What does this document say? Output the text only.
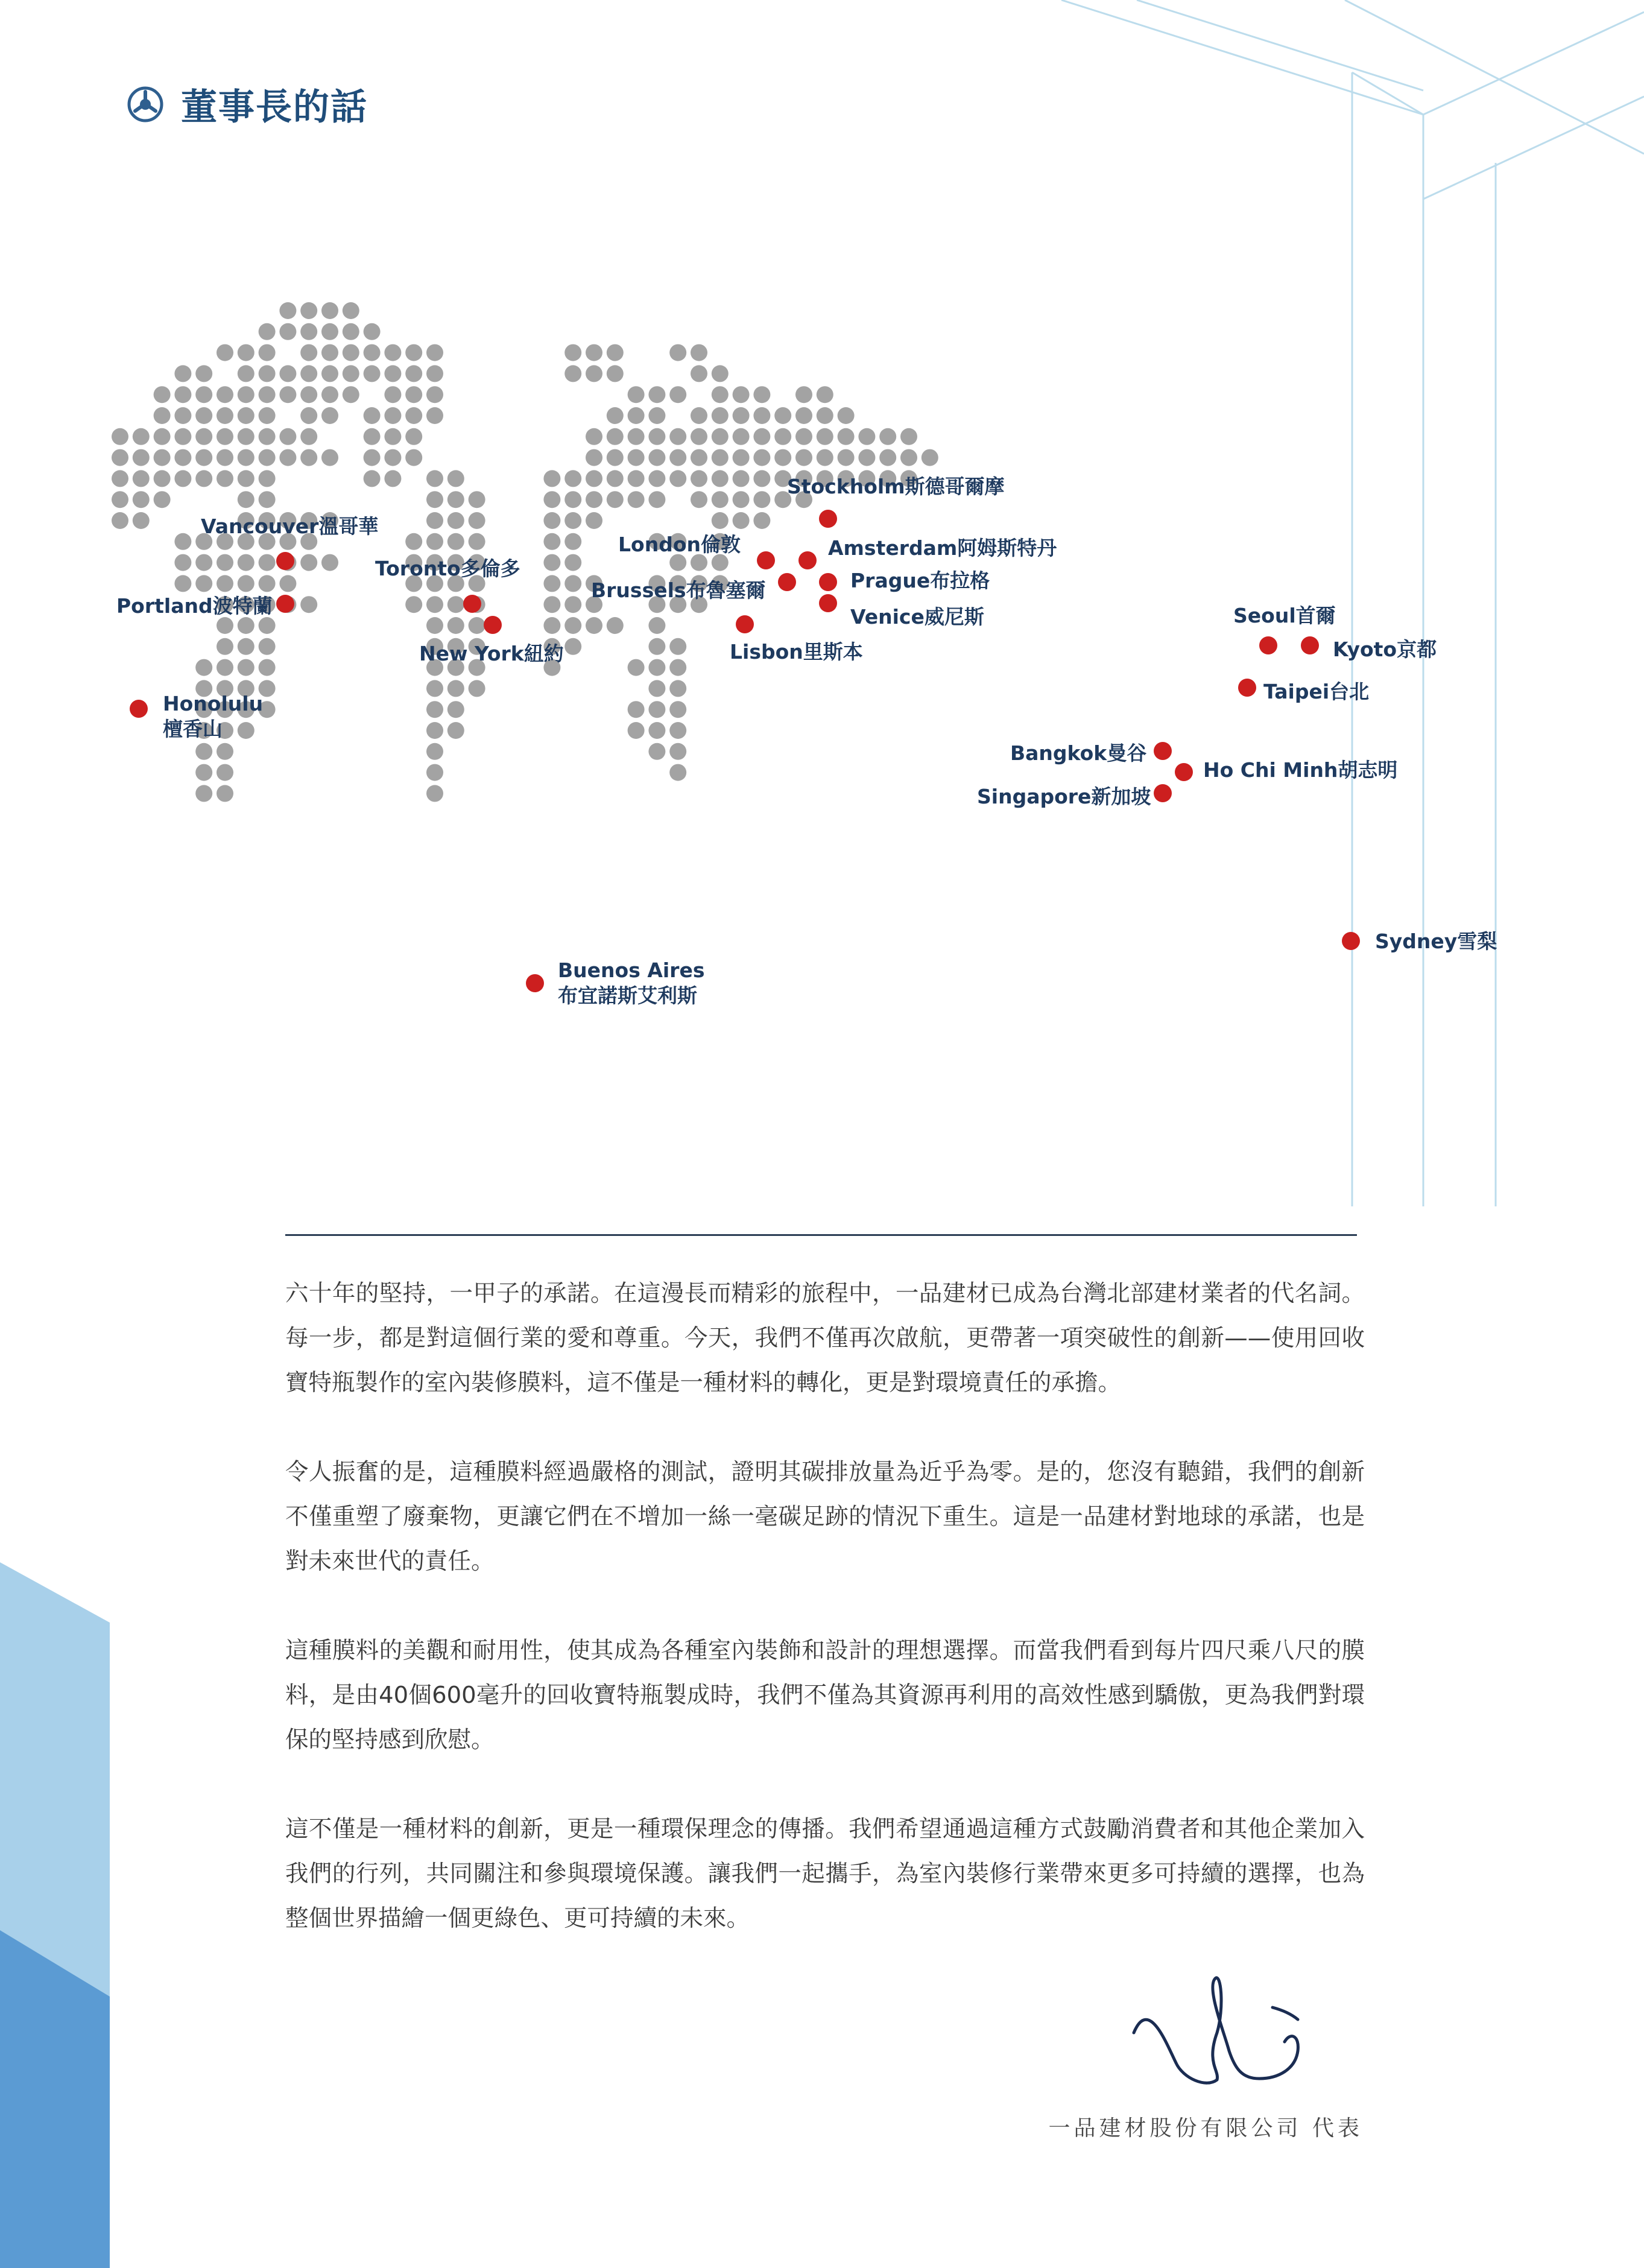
董事長的話
Vancouver溫哥華
Portland波特蘭
Toronto多倫多
New York紐約
Honolulu
檀香山
Buenos Aires
布宜諾斯艾利斯
London倫敦
Brussels布魯塞爾
Lisbon里斯本
Stockholm斯德哥爾摩
Amsterdam阿姆斯特丹
Prague布拉格
Venice威尼斯	Seoul首爾
Kyoto京都
Taipei台北
Bangkok曼谷
Ho Chi Minh胡志明
Singapore新加坡
Sydney雪梨

六十年的堅持，一甲子的承諾。在這漫長而精彩的旅程中，一品建材已成為台灣北部建材業者的代名詞。每一步，都是對這個行業的愛和尊重。今天，我們不僅再次啟航，更帶著一項突破性的創新——使用回收寶特瓶製作的室內裝修膜料，這不僅是一種材料的轉化，更是對環境責任的承擔。

令人振奮的是，這種膜料經過嚴格的測試，證明其碳排放量為近乎為零。是的，您沒有聽錯，我們的創新不僅重塑了廢棄物，更讓它們在不增加一絲一毫碳足跡的情況下重生。這是一品建材對地球的承諾，也是對未來世代的責任。

這種膜料的美觀和耐用性，使其成為各種室內裝飾和設計的理想選擇。而當我們看到每片四尺乘八尺的膜料，是由40個600毫升的回收寶特瓶製成時，我們不僅為其資源再利用的高效性感到驕傲，更為我們對環保的堅持感到欣慰。

這不僅是一種材料的創新，更是一種環保理念的傳播。我們希望通過這種方式鼓勵消費者和其他企業加入我們的行列，共同關注和參與環境保護。讓我們一起攜手，為室內裝修行業帶來更多可持續的選擇，也為整個世界描繪一個更綠色、更可持續的未來。

一品建材股份有限公司 代表
